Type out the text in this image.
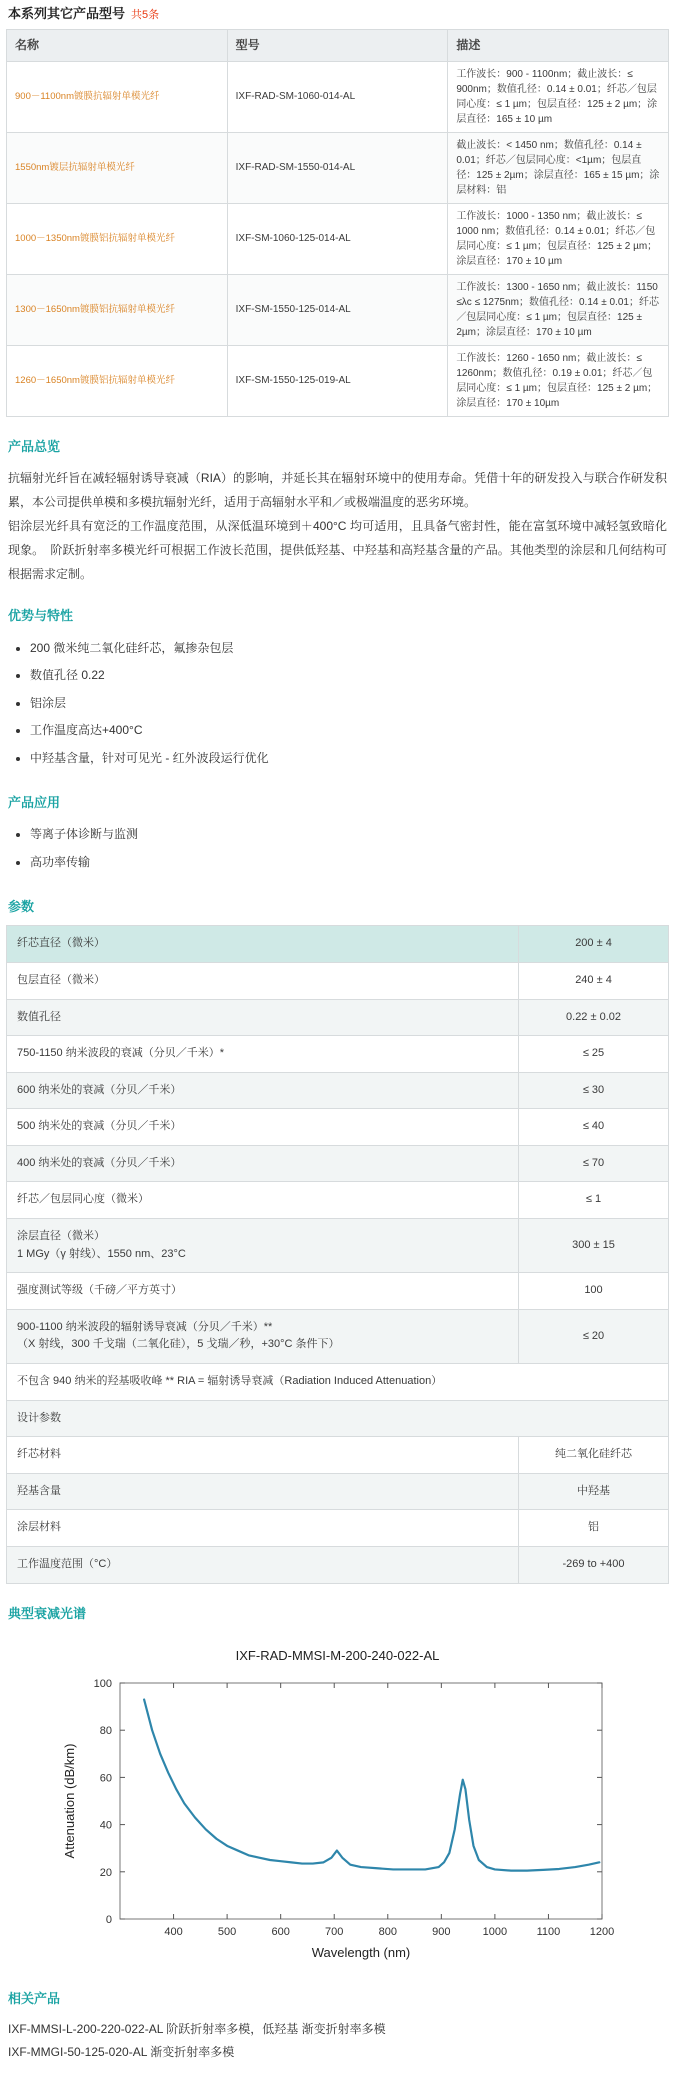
本系列其它产品型号 共5条
名称	型号	描述

900－1100nm镀膜抗辐射单模光纤	IXF-RAD-SM-1060-014-AL	工作波长：900 - 1100nm；截止波长：≤ 900nm；数值孔径：0.14 ± 0.01；纤芯／包层同心度：≤ 1 µm；包层直径：125 ± 2 µm；涂层直径：165 ± 10 µm

1550nm镀层抗辐射单模光纤	IXF-RAD-SM-1550-014-AL	截止波长：< 1450 nm；数值孔径：0.14 ± 0.01；纤芯／包层同心度：<1µm；包层直径：125 ± 2µm；涂层直径：165 ± 15 µm；涂层材料：铝

1000－1350nm镀膜铝抗辐射单模光纤	IXF-SM-1060-125-014-AL	工作波长：1000 - 1350 nm；截止波长：≤ 1000 nm；数值孔径：0.14 ± 0.01；纤芯／包层同心度：≤ 1 µm；包层直径：125 ± 2 µm；涂层直径：170 ± 10 µm

1300－1650nm镀膜铝抗辐射单模光纤	IXF-SM-1550-125-014-AL	工作波长：1300 - 1650 nm；截止波长：1150 ≤λc ≤ 1275nm；数值孔径：0.14 ± 0.01；纤芯／包层同心度：≤ 1 µm；包层直径：125 ± 2µm；涂层直径：170 ± 10 µm

1260－1650nm镀膜铝抗辐射单模光纤	IXF-SM-1550-125-019-AL	工作波长：1260 - 1650 nm；截止波长：≤ 1260nm；数值孔径：0.19 ± 0.01；纤芯／包层同心度：≤ 1 µm；包层直径：125 ± 2 µm；涂层直径：170 ± 10µm
产品总览

抗辐射光纤旨在减轻辐射诱导衰减（RIA）的影响，并延长其在辐射环境中的使用寿命。凭借十年的研发投入与联合作研发积累，本公司提供单模和多模抗辐射光纤，适用于高辐射水平和／或极端温度的恶劣环境。

铝涂层光纤具有宽泛的工作温度范围，从深低温环境到＋400°C 均可适用，且具备气密封性，能在富氢环境中减轻氢致暗化现象。　阶跃折射率多模光纤可根据工作波长范围，提供低羟基、中羟基和高羟基含量的产品。其他类型的涂层和几何结构可根据需求定制。

优势与特性
• 200 微米纯二氧化硅纤芯，氟掺杂包层
• 数值孔径 0.22
• 铝涂层
• 工作温度高达+400°C
• 中羟基含量，针对可见光 - 红外波段运行优化
产品应用
• 等离子体诊断与监测
• 高功率传输
参数
纤芯直径（微米）	200 ± 4
包层直径（微米）	240 ± 4
数值孔径	0.22 ± 0.02
750-1150 纳米波段的衰减（分贝／千米）*	≤ 25
600 纳米处的衰减（分贝／千米）	≤ 30
500 纳米处的衰减（分贝／千米）	≤ 40
400 纳米处的衰减（分贝／千米）	≤ 70
纤芯／包层同心度（微米）	≤ 1

涂层直径（微米）
1 MGy（γ 射线）、1550 nm、23°C	300 ± 15
强度测试等级（千磅／平方英寸）	100

900-1100 纳米波段的辐射诱导衰减（分贝／千米）**
（X 射线，300 千戈瑞（二氧化硅），5 戈瑞／秒，+30°C 条件下）	≤ 20
不包含 940 纳米的羟基吸收峰 ** RIA = 辐射诱导衰减（Radiation Induced Attenuation）	
设计参数	
纤芯材料	纯二氧化硅纤芯
羟基含量	中羟基
涂层材料	铝
工作温度范围（°C）	-269 to +400
典型衰减光谱
IXF-RAD-MMSI-M-200-240-022-AL
400	500	600	700	800	900	1000	1100	1200
0
20
40
60
80
100
Wavelength (nm)
Attenuation (dB/km)
相关产品
IXF-MMSI-L-200-220-022-AL 阶跃折射率多模，低羟基 渐变折射率多模
IXF-MMGI-50-125-020-AL 渐变折射率多模
